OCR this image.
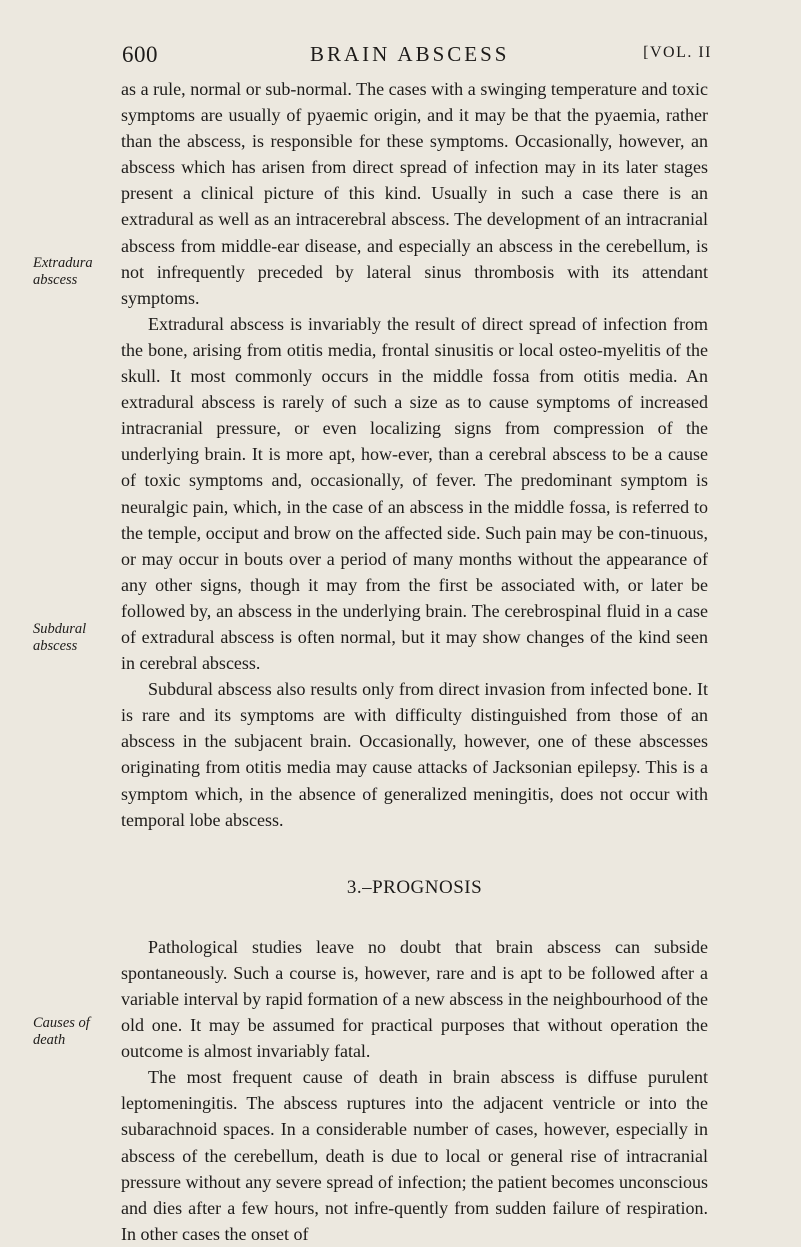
600	BRAIN ABSCESS	[VOL. II
Extradura
abscess
Subdural
abscess
Causes of
death

as a rule, normal or sub-normal. The cases with a swinging temperature and toxic symptoms are usually of pyaemic origin, and it may be that the pyaemia, rather than the abscess, is responsible for these symptoms. Occasionally, however, an abscess which has arisen from direct spread of infection may in its later stages present a clinical picture of this kind. Usually in such a case there is an extradural as well as an intracerebral abscess. The development of an intracranial abscess from middle-ear disease, and especially an abscess in the cerebellum, is not infrequently preceded by lateral sinus thrombosis with its attendant symptoms.

Extradural abscess is invariably the result of direct spread of infection from the bone, arising from otitis media, frontal sinusitis or local osteo-myelitis of the skull. It most commonly occurs in the middle fossa from otitis media. An extradural abscess is rarely of such a size as to cause symptoms of increased intracranial pressure, or even localizing signs from compression of the underlying brain. It is more apt, how-ever, than a cerebral abscess to be a cause of toxic symptoms and, occasionally, of fever. The predominant symptom is neuralgic pain, which, in the case of an abscess in the middle fossa, is referred to the temple, occiput and brow on the affected side. Such pain may be con-tinuous, or may occur in bouts over a period of many months without the appearance of any other signs, though it may from the first be associated with, or later be followed by, an abscess in the underlying brain. The cerebrospinal fluid in a case of extradural abscess is often normal, but it may show changes of the kind seen in cerebral abscess.

Subdural abscess also results only from direct invasion from infected bone. It is rare and its symptoms are with difficulty distinguished from those of an abscess in the subjacent brain. Occasionally, however, one of these abscesses originating from otitis media may cause attacks of Jacksonian epilepsy. This is a symptom which, in the absence of generalized meningitis, does not occur with temporal lobe abscess.

3.–PROGNOSIS

Pathological studies leave no doubt that brain abscess can subside spontaneously. Such a course is, however, rare and is apt to be followed after a variable interval by rapid formation of a new abscess in the neighbourhood of the old one. It may be assumed for practical purposes that without operation the outcome is almost invariably fatal.

The most frequent cause of death in brain abscess is diffuse purulent leptomeningitis. The abscess ruptures into the adjacent ventricle or into the subarachnoid spaces. In a considerable number of cases, however, especially in abscess of the cerebellum, death is due to local or general rise of intracranial pressure without any severe spread of infection; the patient becomes unconscious and dies after a few hours, not infre-quently from sudden failure of respiration. In other cases the onset of
